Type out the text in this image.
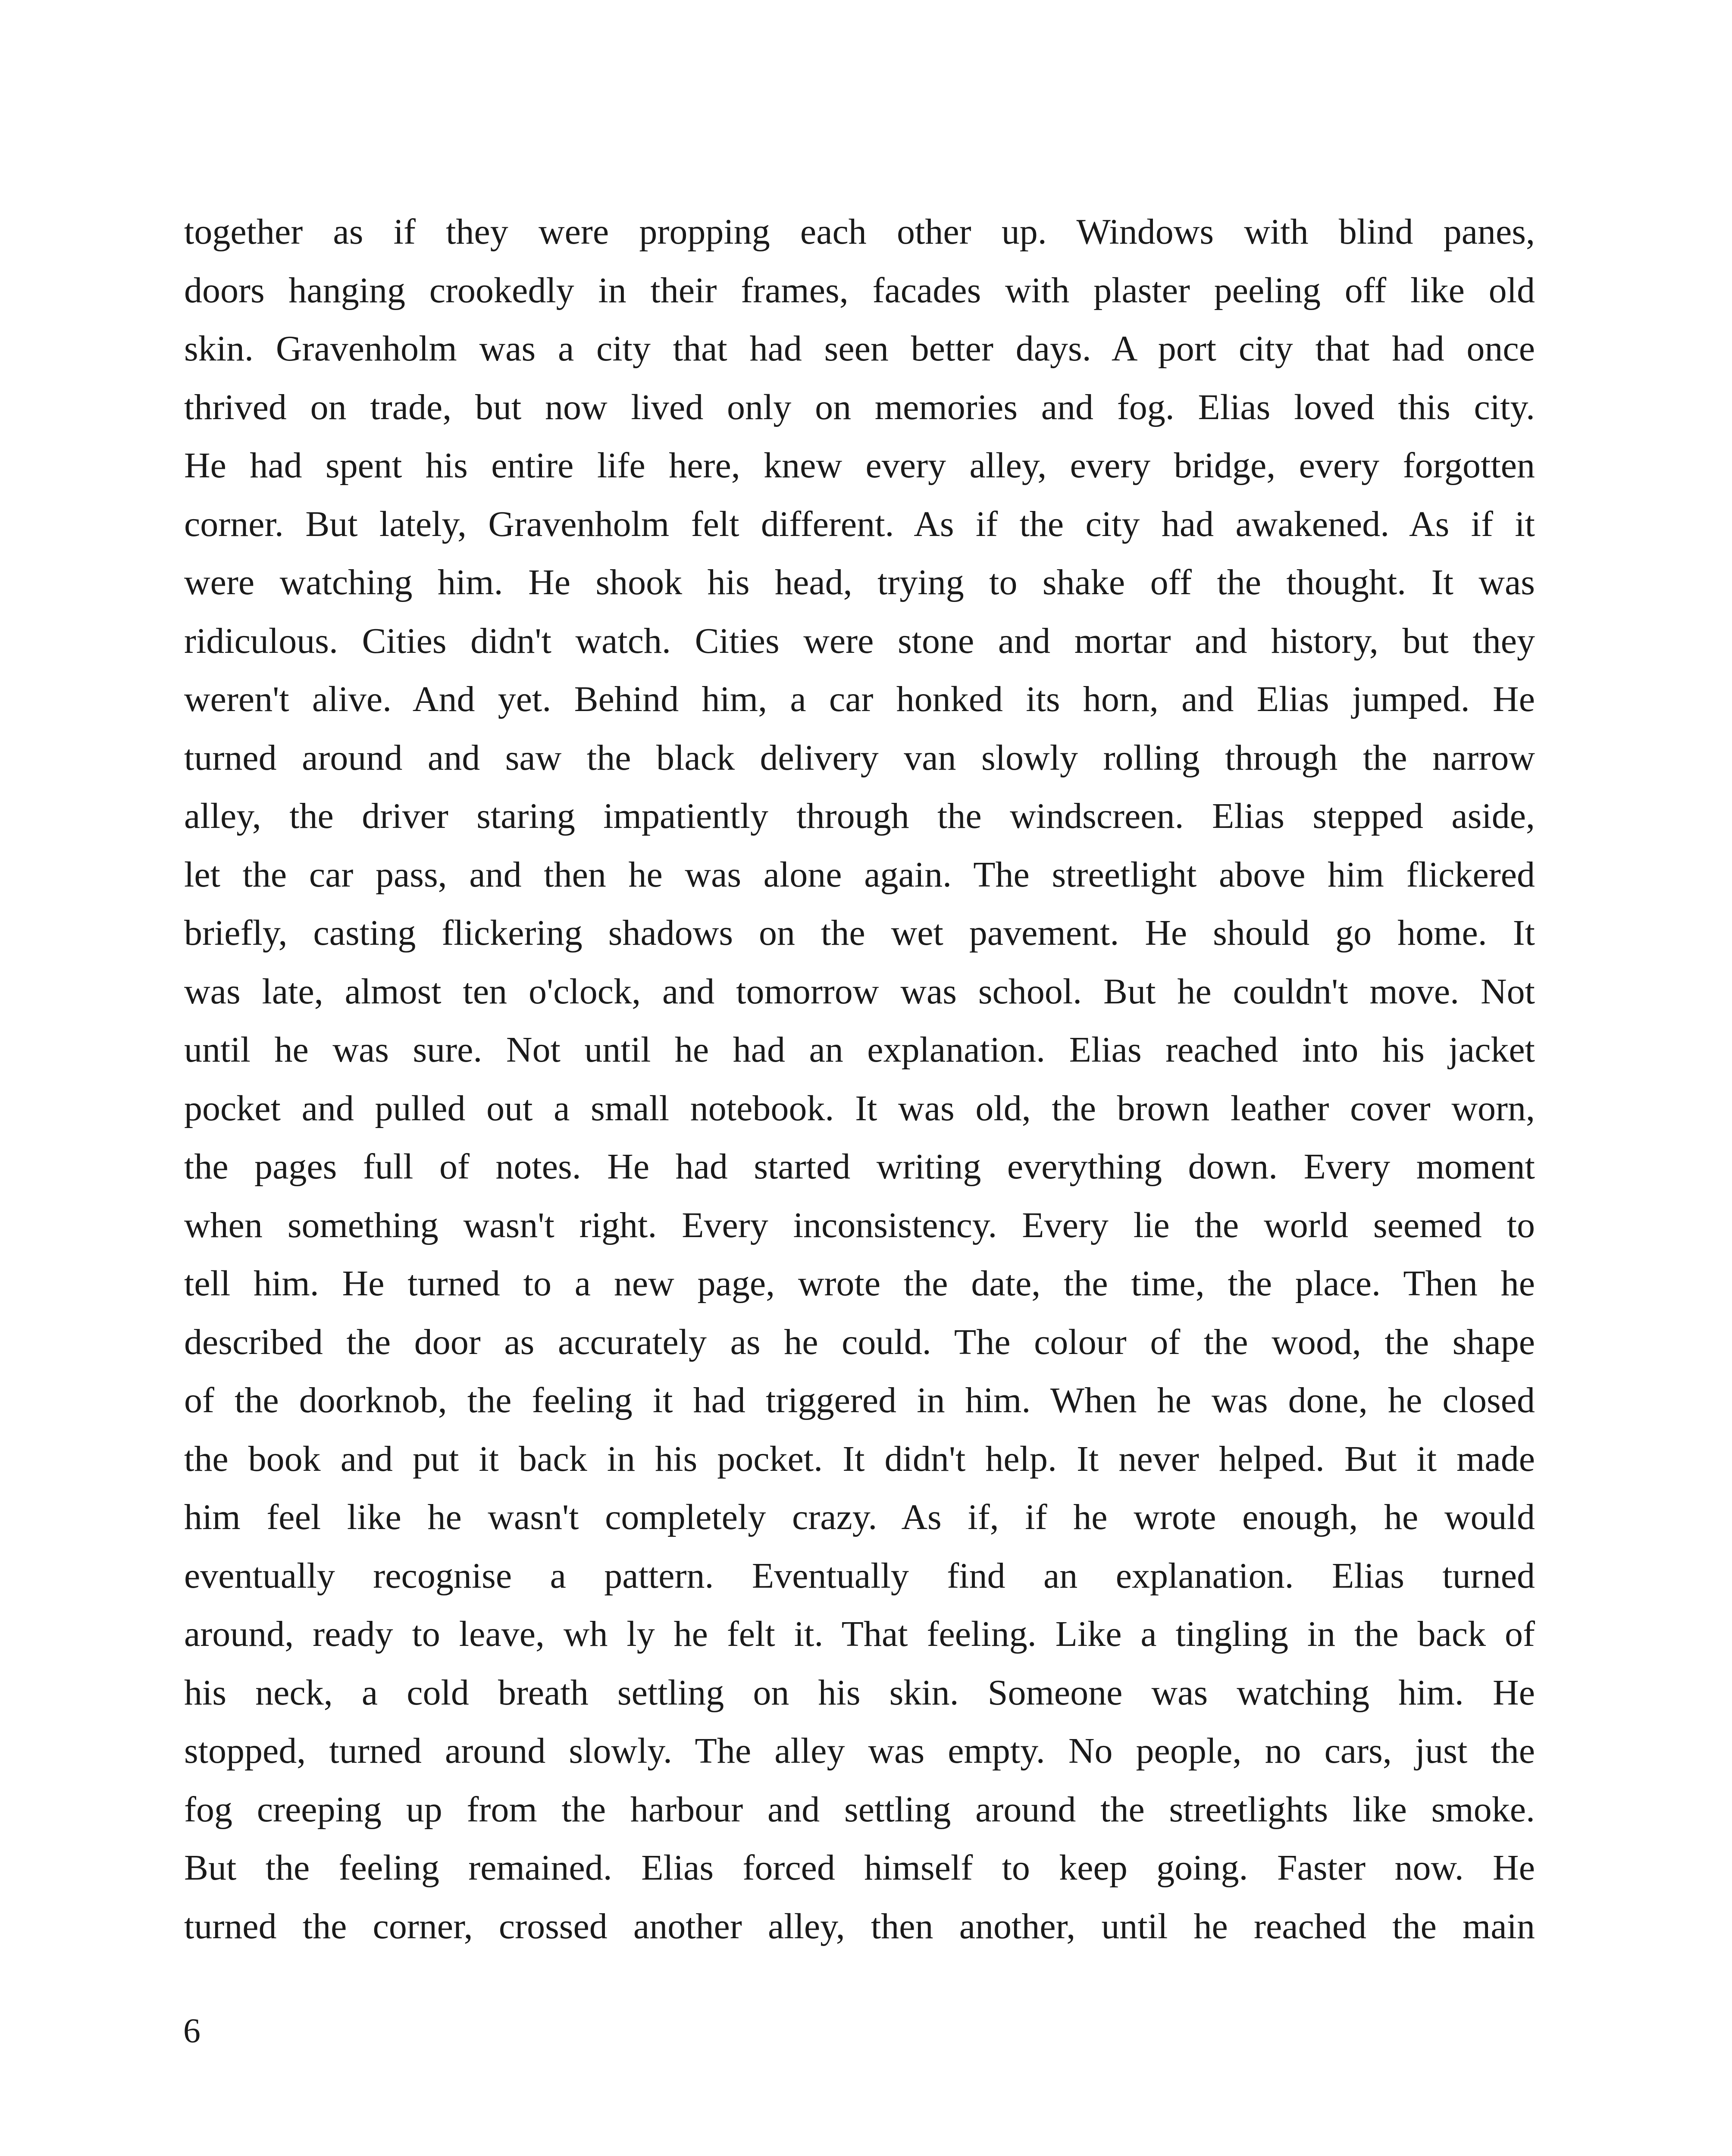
together as if they were propping each other up. Windows with blind panes,
doors hanging crookedly in their frames, facades with plaster peeling off like old
skin. Gravenholm was a city that had seen better days. A port city that had once
thrived on trade, but now lived only on memories and fog. Elias loved this city.
He had spent his entire life here, knew every alley, every bridge, every forgotten
corner. But lately, Gravenholm felt different. As if the city had awakened. As if it
were watching him. He shook his head, trying to shake off the thought. It was
ridiculous. Cities didn't watch. Cities were stone and mortar and history, but they
weren't alive. And yet. Behind him, a car honked its horn, and Elias jumped. He
turned around and saw the black delivery van slowly rolling through the narrow
alley, the driver staring impatiently through the windscreen. Elias stepped aside,
let the car pass, and then he was alone again. The streetlight above him flickered
briefly, casting flickering shadows on the wet pavement. He should go home. It
was late, almost ten o'clock, and tomorrow was school. But he couldn't move. Not
until he was sure. Not until he had an explanation. Elias reached into his jacket
pocket and pulled out a small notebook. It was old, the brown leather cover worn,
the pages full of notes. He had started writing everything down. Every moment
when something wasn't right. Every inconsistency. Every lie the world seemed to
tell him. He turned to a new page, wrote the date, the time, the place. Then he
described the door as accurately as he could. The colour of the wood, the shape
of the doorknob, the feeling it had triggered in him. When he was done, he closed
the book and put it back in his pocket. It didn't help. It never helped. But it made
him feel like he wasn't completely crazy. As if, if he wrote enough, he would
eventually recognise a pattern. Eventually find an explanation. Elias turned
around, ready to leave, wh ly he felt it. That feeling. Like a tingling in the back of
his neck, a cold breath settling on his skin. Someone was watching him. He
stopped, turned around slowly. The alley was empty. No people, no cars, just the
fog creeping up from the harbour and settling around the streetlights like smoke.
But the feeling remained. Elias forced himself to keep going. Faster now. He
turned the corner, crossed another alley, then another, until he reached the main
6
